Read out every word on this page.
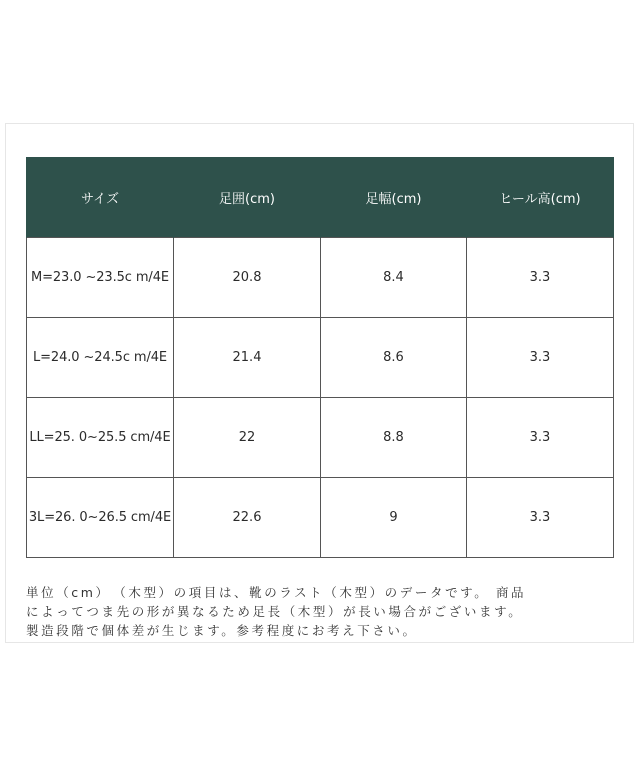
サイズ	足囲(cm)	足幅(cm)	ヒール高(cm)
M=23.0 ~23.5c m/4E	20.8	8.4	3.3
L=24.0 ~24.5c m/4E	21.4	8.6	3.3
LL=25. 0~25.5 cm/4E	22	8.8	3.3
3L=26. 0~26.5 cm/4E	22.6	9	3.3
単位（cm）　（木型）の項目は、靴のラスト（木型）のデータです。 商品
によってつま先の形が異なるため足長（木型）が長い場合がございます。
製造段階で個体差が生じます。参考程度にお考え下さい。
